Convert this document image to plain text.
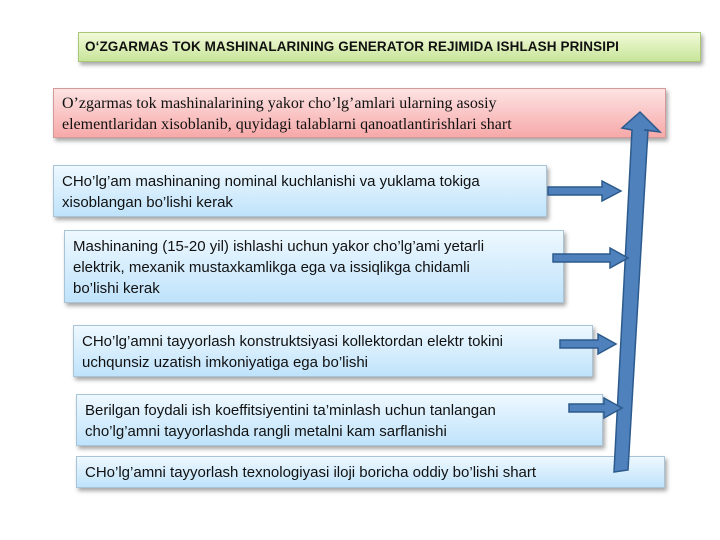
O‘ZGARMAS TOK MASHINALARINING GENERATOR REJIMIDA ISHLASH PRINSIPI
O’zgarmas tok mashinalarining yakor cho’lg’amlari ularning asosiy
elementlaridan xisoblanib, quyidagi talablarni qanoatlantirishlari shart
CHo’lg’am mashinaning nominal kuchlanishi va yuklama tokiga
xisoblangan bo’lishi kerak
Mashinaning (15-20 yil) ishlashi uchun yakor cho’lg’ami yetarli
elektrik, mexanik mustaxkamlikga ega va issiqlikga chidamli
bo’lishi kerak
CHo’lg’amni tayyorlash konstruktsiyasi kollektordan elektr tokini
uchqunsiz uzatish imkoniyatiga ega bo’lishi
Berilgan foydali ish koeffitsiyentini ta’minlash uchun tanlangan
cho’lg’amni tayyorlashda rangli metalni kam sarflanishi
CHo’lg’amni tayyorlash texnologiyasi iloji boricha oddiy bo’lishi shart
